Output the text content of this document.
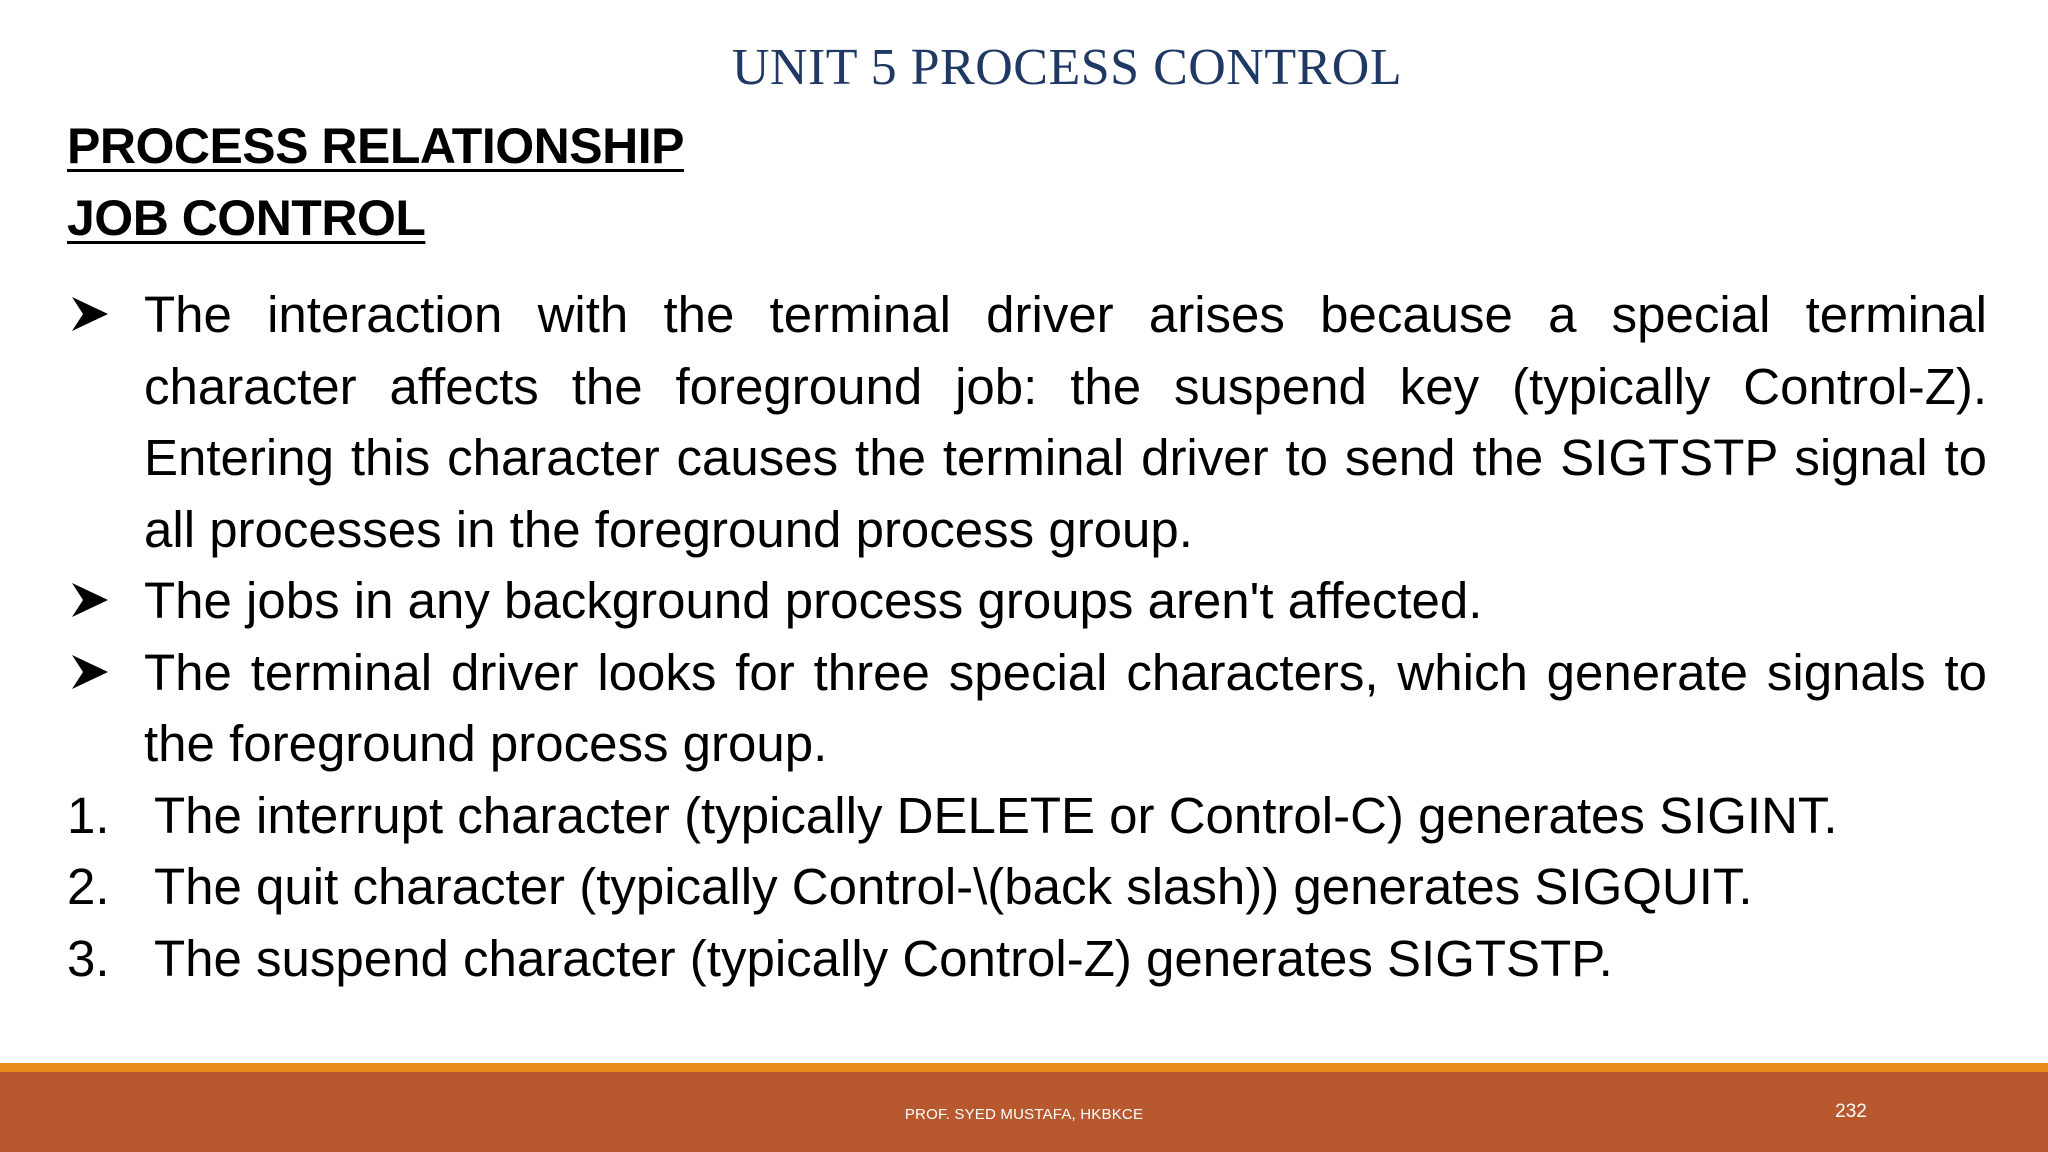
UNIT 5 PROCESS CONTROL
PROCESS RELATIONSHIP
JOB CONTROL

The interaction with the terminal driver arises because a special terminal character affects the foreground job: the suspend key (typically Control-Z). Entering this character causes the terminal driver to send the SIGTSTP signal to all processes in the foreground process group.

The jobs in any background process groups aren't affected.

The terminal driver looks for three special characters, which generate signals to the foreground process group.

1. The interrupt character (typically DELETE or Control-C) generates SIGINT.

2. The quit character (typically Control-\(back slash)) generates SIGQUIT.

3. The suspend character (typically Control-Z) generates SIGTSTP.

PROF. SYED MUSTAFA, HKBKCE	232
